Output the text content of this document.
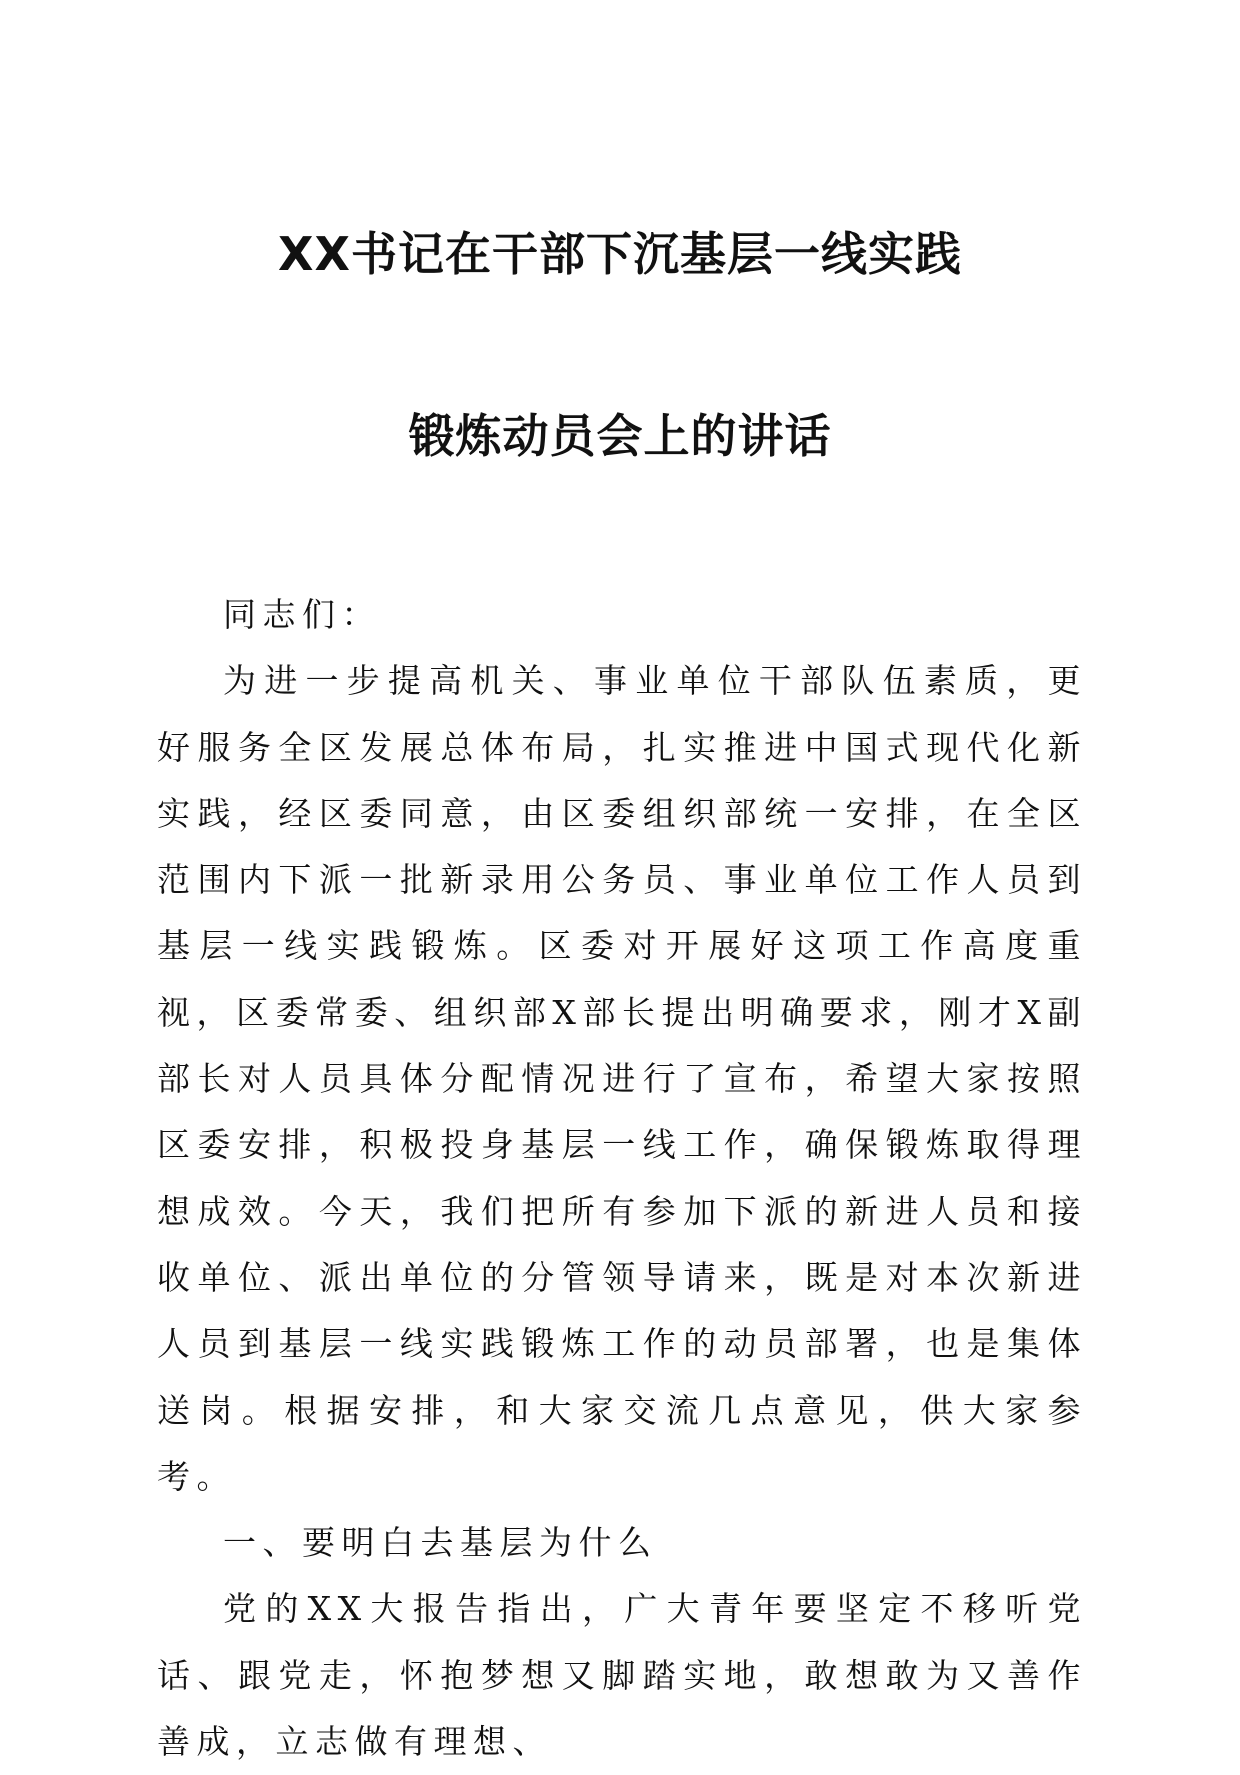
XX书记在干部下沉基层一线实践
锻炼动员会上的讲话

同志们：

为进一步提高机关、事业单位干部队伍素质，更好服务全区发展总体布局，扎实推进中国式现代化新实践，经区委同意，由区委组织部统一安排，在全区范围内下派一批新录用公务员、事业单位工作人员到基层一线实践锻炼。区委对开展好这项工作高度重视，区委常委、组织部X部长提出明确要求，刚才X副部长对人员具体分配情况进行了宣布，希望大家按照区委安排，积极投身基层一线工作，确保锻炼取得理想成效。今天，我们把所有参加下派的新进人员和接收单位、派出单位的分管领导请来，既是对本次新进人员到基层一线实践锻炼工作的动员部署，也是集体送岗。根据安排，和大家交流几点意见，供大家参考。

一、要明白去基层为什么

党的XX大报告指出，广大青年要坚定不移听党话、跟党走，怀抱梦想又脚踏实地，敢想敢为又善作善成，立志做有理想、
